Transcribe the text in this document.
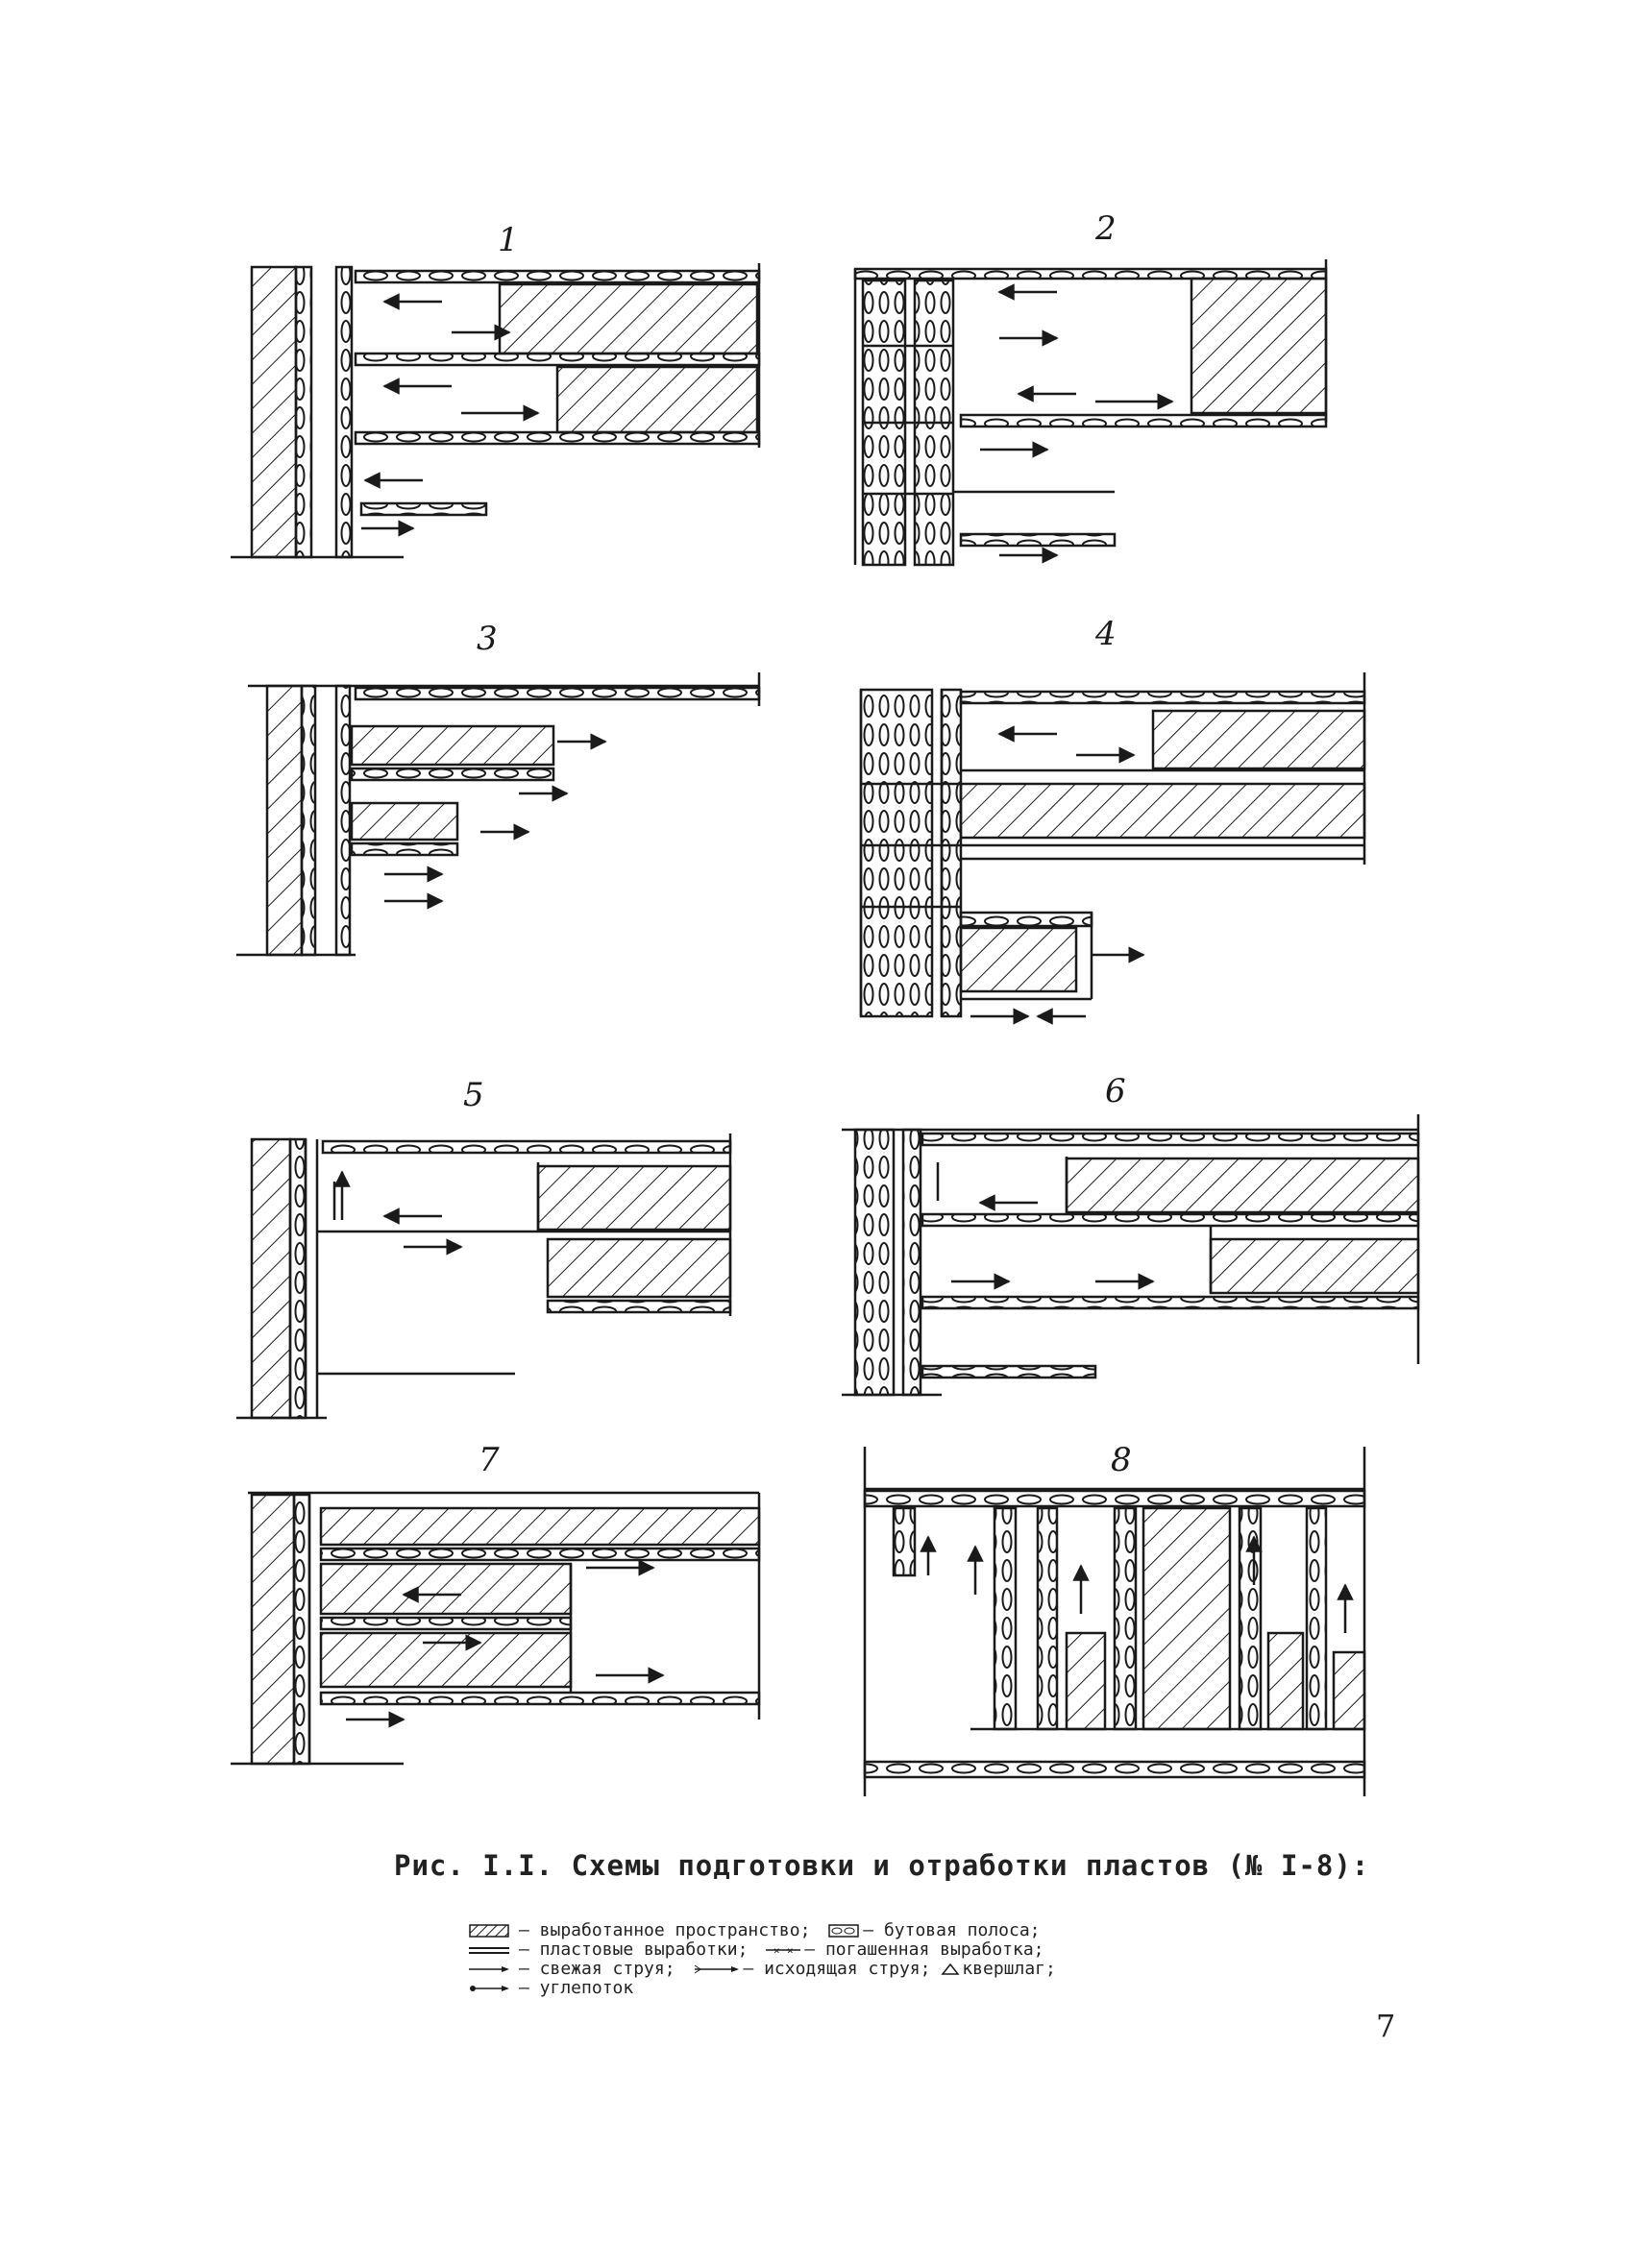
1	2
3	4
5	6
7	8
Рис. I.I. Схемы подготовки и отработки пластов (№ I-8):
– выработанное пространство;	– бутовая полоса;
– пластовые выработки; × × – погашенная выработка;
– свежая струя;	– исходящая струя; квершлаг;
– углепоток
7
